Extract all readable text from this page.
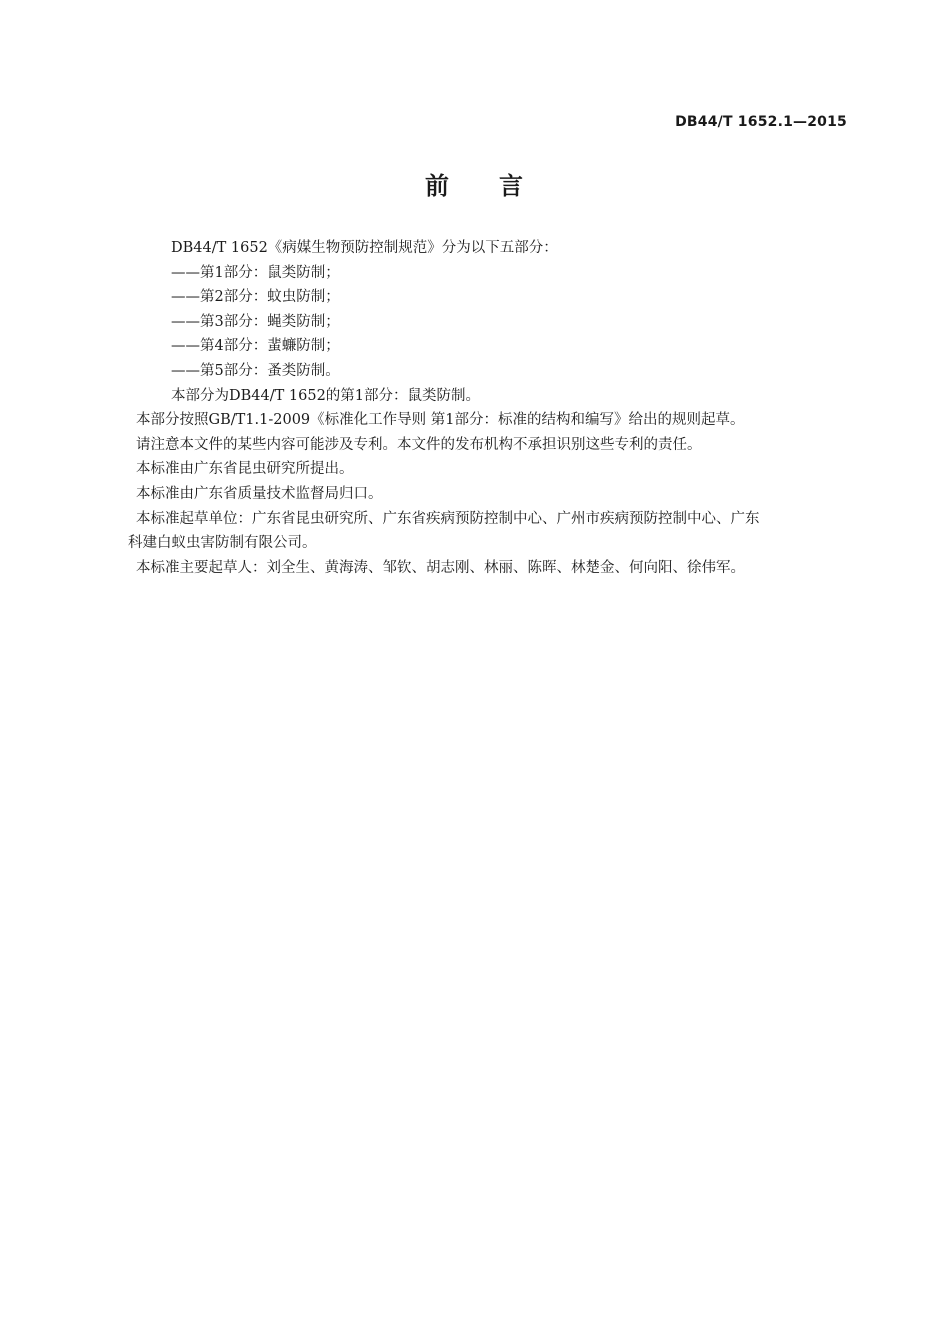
DB44/T 1652.1—2015
前 言
DB44/T 1652《病媒生物预防控制规范》分为以下五部分：
——第1部分：鼠类防制；
——第2部分：蚊虫防制；
——第3部分：蝇类防制；
——第4部分：蜚蠊防制；
——第5部分：蚤类防制。
本部分为DB44/T 1652的第1部分：鼠类防制。
本部分按照GB/T1.1-2009《标准化工作导则 第1部分：标准的结构和编写》给出的规则起草。
请注意本文件的某些内容可能涉及专利。本文件的发布机构不承担识别这些专利的责任。
本标准由广东省昆虫研究所提出。
本标准由广东省质量技术监督局归口。
本标准起草单位：广东省昆虫研究所、广东省疾病预防控制中心、广州市疾病预防控制中心、广东
科建白蚁虫害防制有限公司。
本标准主要起草人：刘全生、黄海涛、邹钦、胡志刚、林丽、陈晖、林楚金、何向阳、徐伟军。
